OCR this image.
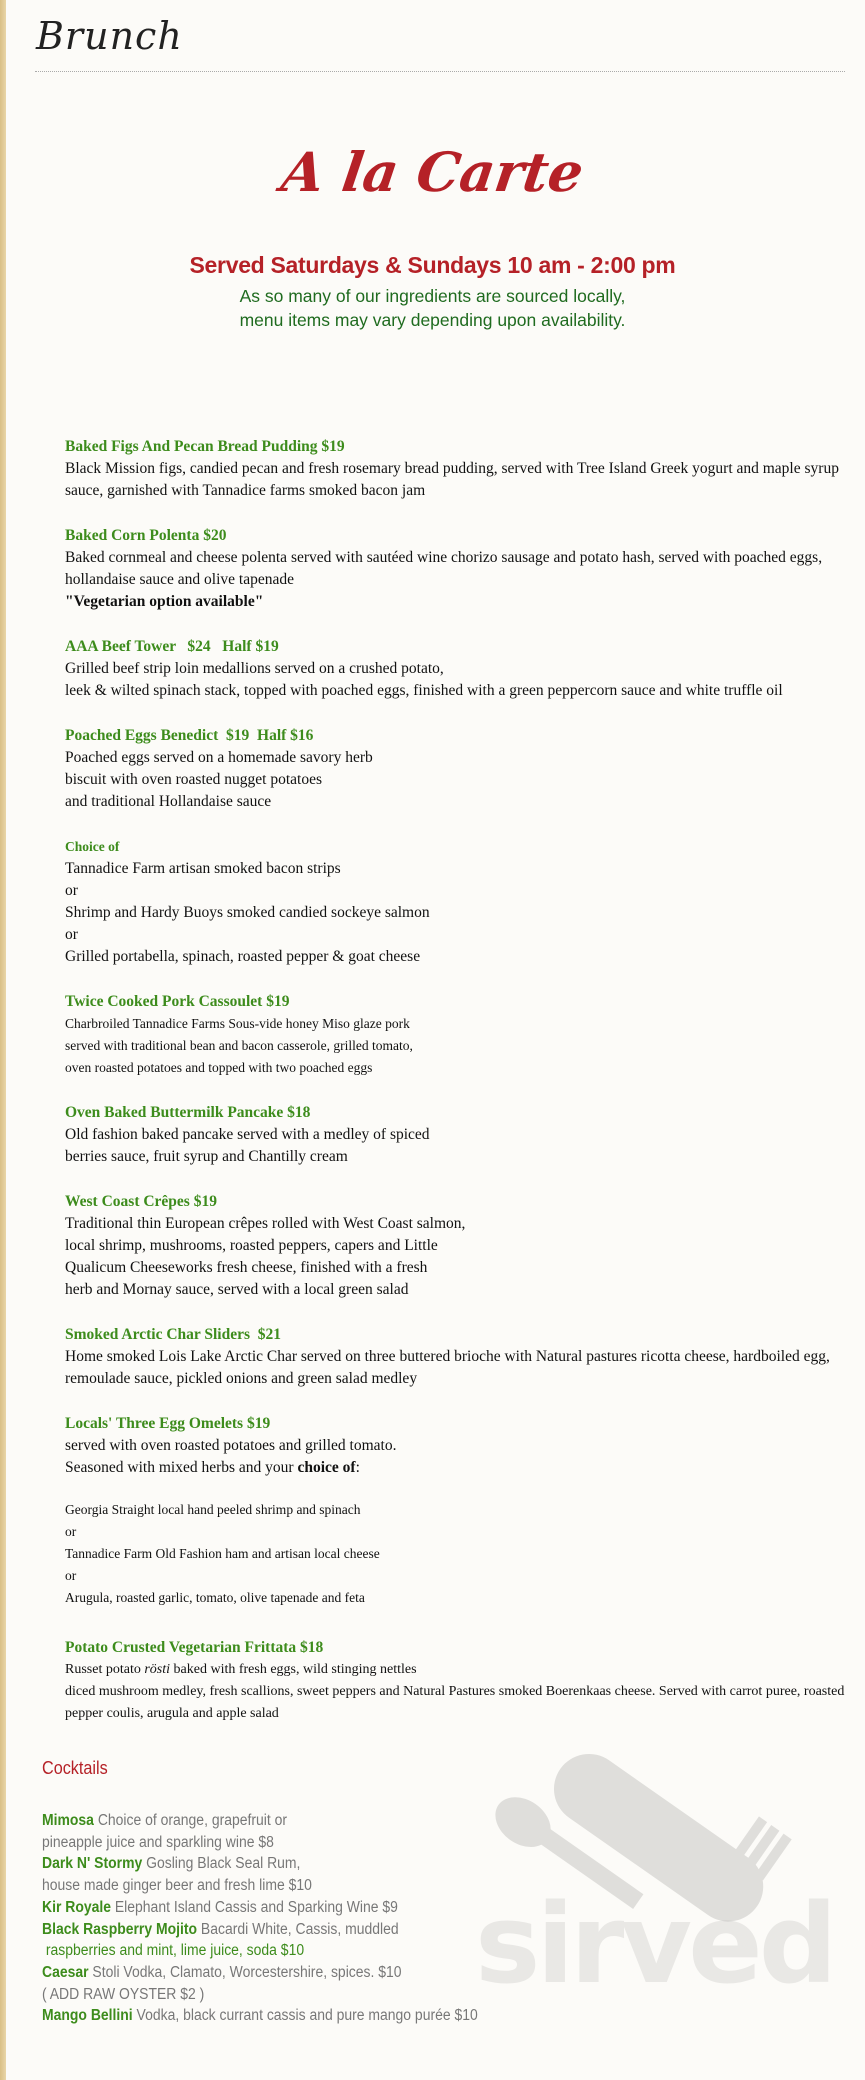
Brunch
A la Carte
Served Saturdays & Sundays 10 am - 2:00 pm
As so many of our ingredients are sourced locally,
menu items may vary depending upon availability.
Baked Figs And Pecan Bread Pudding $19
Black Mission figs, candied pecan and fresh rosemary bread pudding, served with Tree Island Greek yogurt and maple syrup sauce, garnished with Tannadice farms smoked bacon jam
Baked Corn Polenta $20
Baked cornmeal and cheese polenta served with sautéed wine chorizo sausage and potato hash, served with poached eggs, hollandaise sauce and olive tapenade
"Vegetarian option available"
AAA Beef Tower   $24   Half $19
Grilled beef strip loin medallions served on a crushed potato,
leek & wilted spinach stack, topped with poached eggs, finished with a green peppercorn sauce and white truffle oil
Poached Eggs Benedict  $19  Half $16
Poached eggs served on a homemade savory herb
biscuit with oven roasted nugget potatoes
and traditional Hollandaise sauce
Choice of
Tannadice Farm artisan smoked bacon strips
or
Shrimp and Hardy Buoys smoked candied sockeye salmon
or
Grilled portabella, spinach, roasted pepper & goat cheese
Twice Cooked Pork Cassoulet $19
Charbroiled Tannadice Farms Sous-vide honey Miso glaze pork
served with traditional bean and bacon casserole, grilled tomato,
oven roasted potatoes and topped with two poached eggs
Oven Baked Buttermilk Pancake $18
Old fashion baked pancake served with a medley of spiced
berries sauce, fruit syrup and Chantilly cream
West Coast Crêpes $19
Traditional thin European crêpes rolled with West Coast salmon,
local shrimp, mushrooms, roasted peppers, capers and Little
Qualicum Cheeseworks fresh cheese, finished with a fresh
herb and Mornay sauce, served with a local green salad
Smoked Arctic Char Sliders  $21
Home smoked Lois Lake Arctic Char served on three buttered brioche with Natural pastures ricotta cheese, hardboiled egg, remoulade sauce, pickled onions and green salad medley
Locals' Three Egg Omelets $19
served with oven roasted potatoes and grilled tomato.
Seasoned with mixed herbs and your choice of:
Georgia Straight local hand peeled shrimp and spinach
or
Tannadice Farm Old Fashion ham and artisan local cheese
or
Arugula, roasted garlic, tomato, olive tapenade and feta
Potato Crusted Vegetarian Frittata $18
Russet potato rösti baked with fresh eggs, wild stinging nettles
diced mushroom medley, fresh scallions, sweet peppers and Natural Pastures smoked Boerenkaas cheese. Served with carrot puree, roasted pepper coulis, arugula and apple salad
sirved
Cocktails
Mimosa Choice of orange, grapefruit or
pineapple juice and sparkling wine $8
Dark N' Stormy Gosling Black Seal Rum,
house made ginger beer and fresh lime $10
Kir Royale Elephant Island Cassis and Sparking Wine $9
Black Raspberry Mojito Bacardi White, Cassis, muddled
raspberries and mint, lime juice, soda $10
Caesar Stoli Vodka, Clamato, Worcestershire, spices. $10
( ADD RAW OYSTER $2 )
Mango Bellini Vodka, black currant cassis and pure mango purée $10
